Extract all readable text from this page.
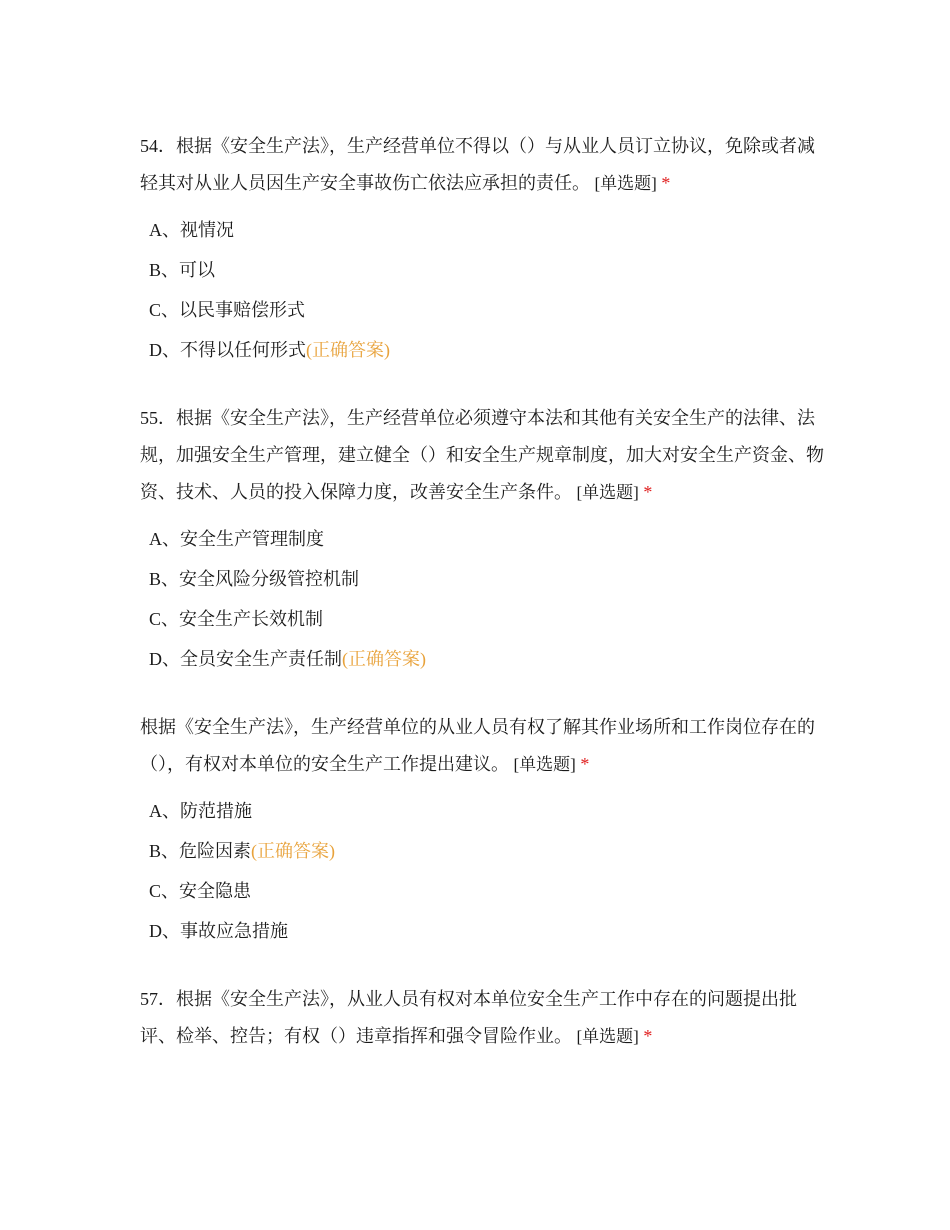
54．根据《安全生产法》，生产经营单位不得以（）与从业人员订立协议，免除或者减轻其对从业人员因生产安全事故伤亡依法应承担的责任。 [单选题] *

A、视情况
B、可以
C、以民事赔偿形式
D、不得以任何形式(正确答案)

55．根据《安全生产法》，生产经营单位必须遵守本法和其他有关安全生产的法律、法规，加强安全生产管理，建立健全（）和安全生产规章制度，加大对安全生产资金、物资、技术、人员的投入保障力度，改善安全生产条件。 [单选题] *

A、安全生产管理制度
B、安全风险分级管控机制
C、安全生产长效机制
D、全员安全生产责任制(正确答案)

根据《安全生产法》，生产经营单位的从业人员有权了解其作业场所和工作岗位存在的（），有权对本单位的安全生产工作提出建议。 [单选题] *

A、防范措施
B、危险因素(正确答案)
C、安全隐患
D、事故应急措施

57．根据《安全生产法》，从业人员有权对本单位安全生产工作中存在的问题提出批评、检举、控告；有权（）违章指挥和强令冒险作业。 [单选题] *
